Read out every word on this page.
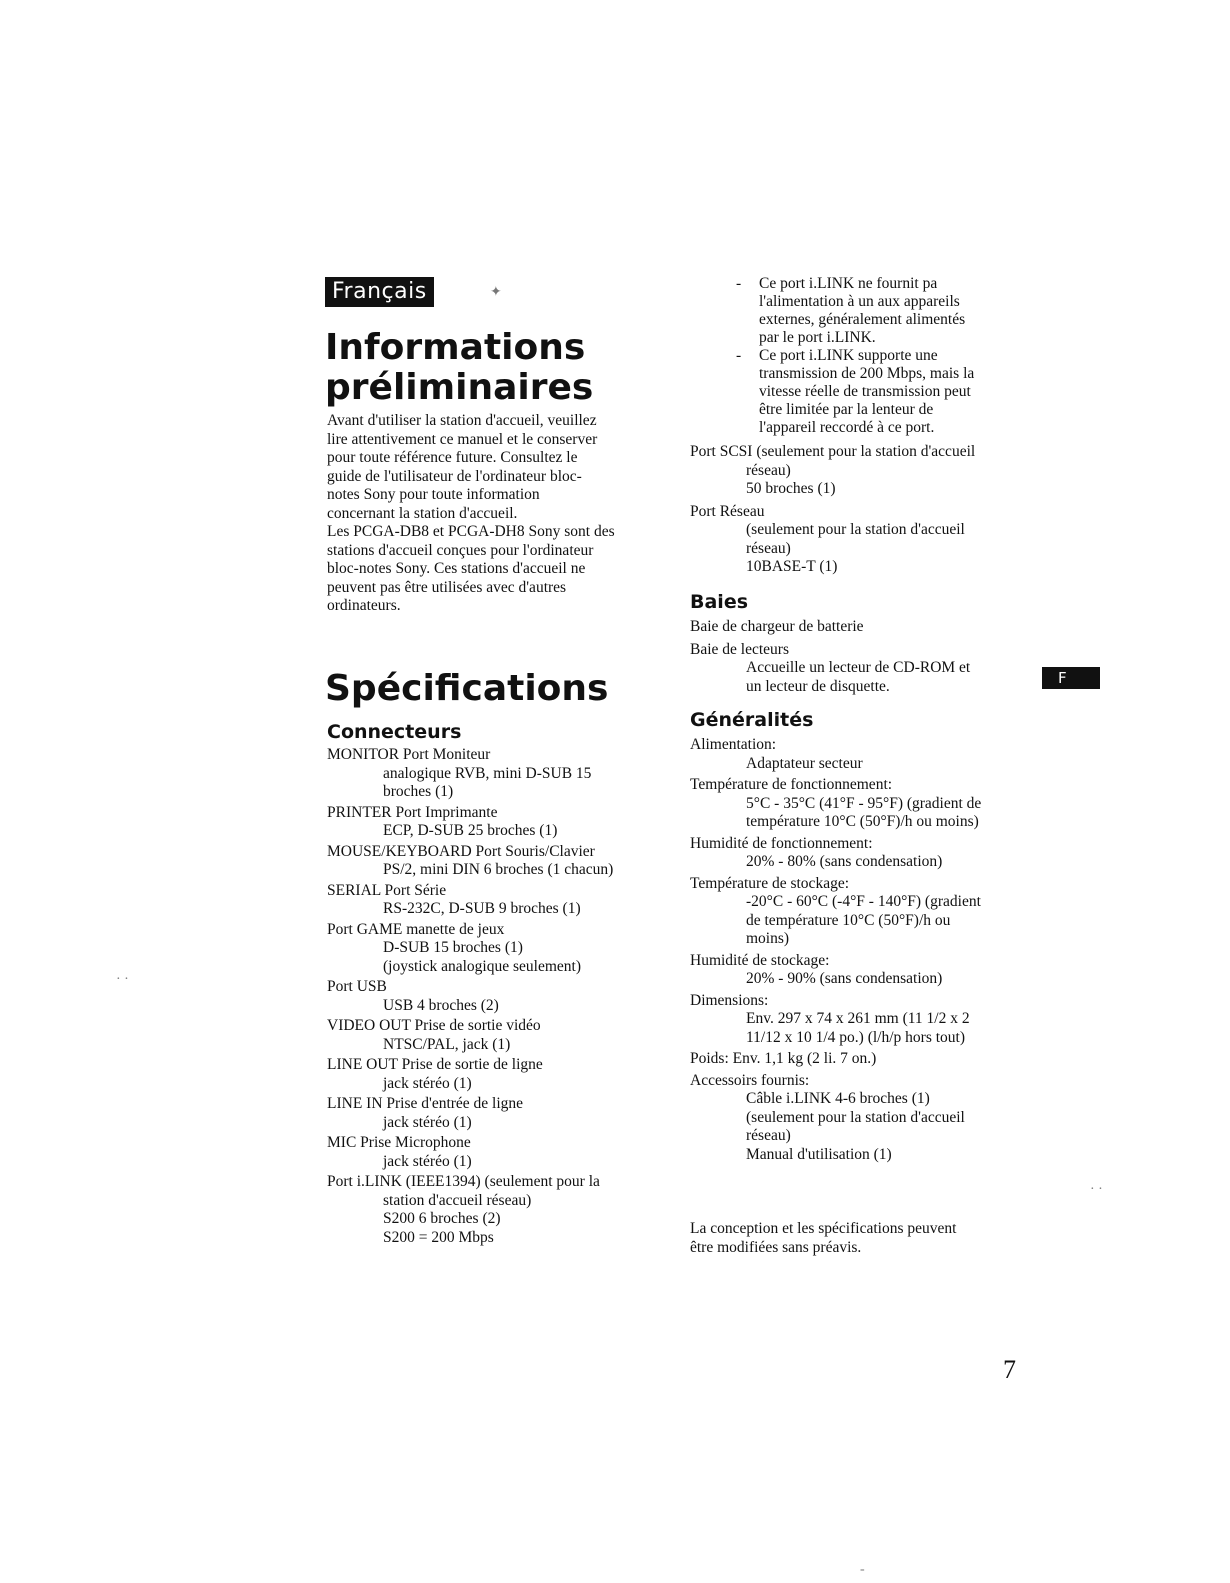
Français	✦
Informations
préliminaires

Avant d'utiliser la station d'accueil, veuillez

lire attentivement ce manuel et le conserver

pour toute référence future. Consultez le

guide de l'utilisateur de l'ordinateur bloc-

notes Sony pour toute information

concernant la station d'accueil.

Les PCGA-DB8 et PCGA-DH8 Sony sont des

stations d'accueil conçues pour l'ordinateur

bloc-notes Sony. Ces stations d'accueil ne

peuvent pas être utilisées avec d'autres

ordinateurs.

Spécifications
Connecteurs

MONITOR Port Moniteur

analogique RVB, mini D-SUB 15

broches (1)

PRINTER Port Imprimante

ECP, D-SUB 25 broches (1)

MOUSE/KEYBOARD Port Souris/Clavier

PS/2, mini DIN 6 broches (1 chacun)

SERIAL Port Série

RS-232C, D-SUB 9 broches (1)

Port GAME manette de jeux

D-SUB 15 broches (1)

(joystick analogique seulement)

Port USB

USB 4 broches (2)

VIDEO OUT Prise de sortie vidéo

NTSC/PAL, jack (1)

LINE OUT Prise de sortie de ligne

jack stéréo (1)

LINE IN Prise d'entrée de ligne

jack stéréo (1)

MIC Prise Microphone

jack stéréo (1)

Port i.LINK (IEEE1394) (seulement pour la

station d'accueil réseau)

S200 6 broches (2)

S200 = 200 Mbps

- Ce port i.LINK ne fournit pa

l'alimentation à un aux appareils

externes, généralement alimentés

par le port i.LINK.

- Ce port i.LINK supporte une

transmission de 200 Mbps, mais la

vitesse réelle de transmission peut

être limitée par la lenteur de

l'appareil reccordé à ce port.

Port SCSI (seulement pour la station d'accueil

réseau)

50 broches (1)

Port Réseau

(seulement pour la station d'accueil

réseau)

10BASE-T (1)

Baies

Baie de chargeur de batterie

Baie de lecteurs

Accueille un lecteur de CD-ROM et

un lecteur de disquette.

Généralités

Alimentation:

Adaptateur secteur

Température de fonctionnement:

5°C - 35°C (41°F - 95°F) (gradient de

température 10°C (50°F)/h ou moins)

Humidité de fonctionnement:

20% - 80% (sans condensation)

Température de stockage:

-20°C - 60°C (-4°F - 140°F) (gradient

de température 10°C (50°F)/h ou

moins)

Humidité de stockage:

20% - 90% (sans condensation)

Dimensions:

Env. 297 x 74 x 261 mm (11 1/2 x 2

11/12 x 10 1/4 po.) (l/h/p hors tout)

Poids: Env. 1,1 kg (2 li. 7 on.)

Accessoirs fournis:

Câble i.LINK 4-6 broches (1)

(seulement pour la station d'accueil

réseau)

Manual d'utilisation (1)

La conception et les spécifications peuvent

être modifiées sans préavis.

F
7
· ·
· ·
-
